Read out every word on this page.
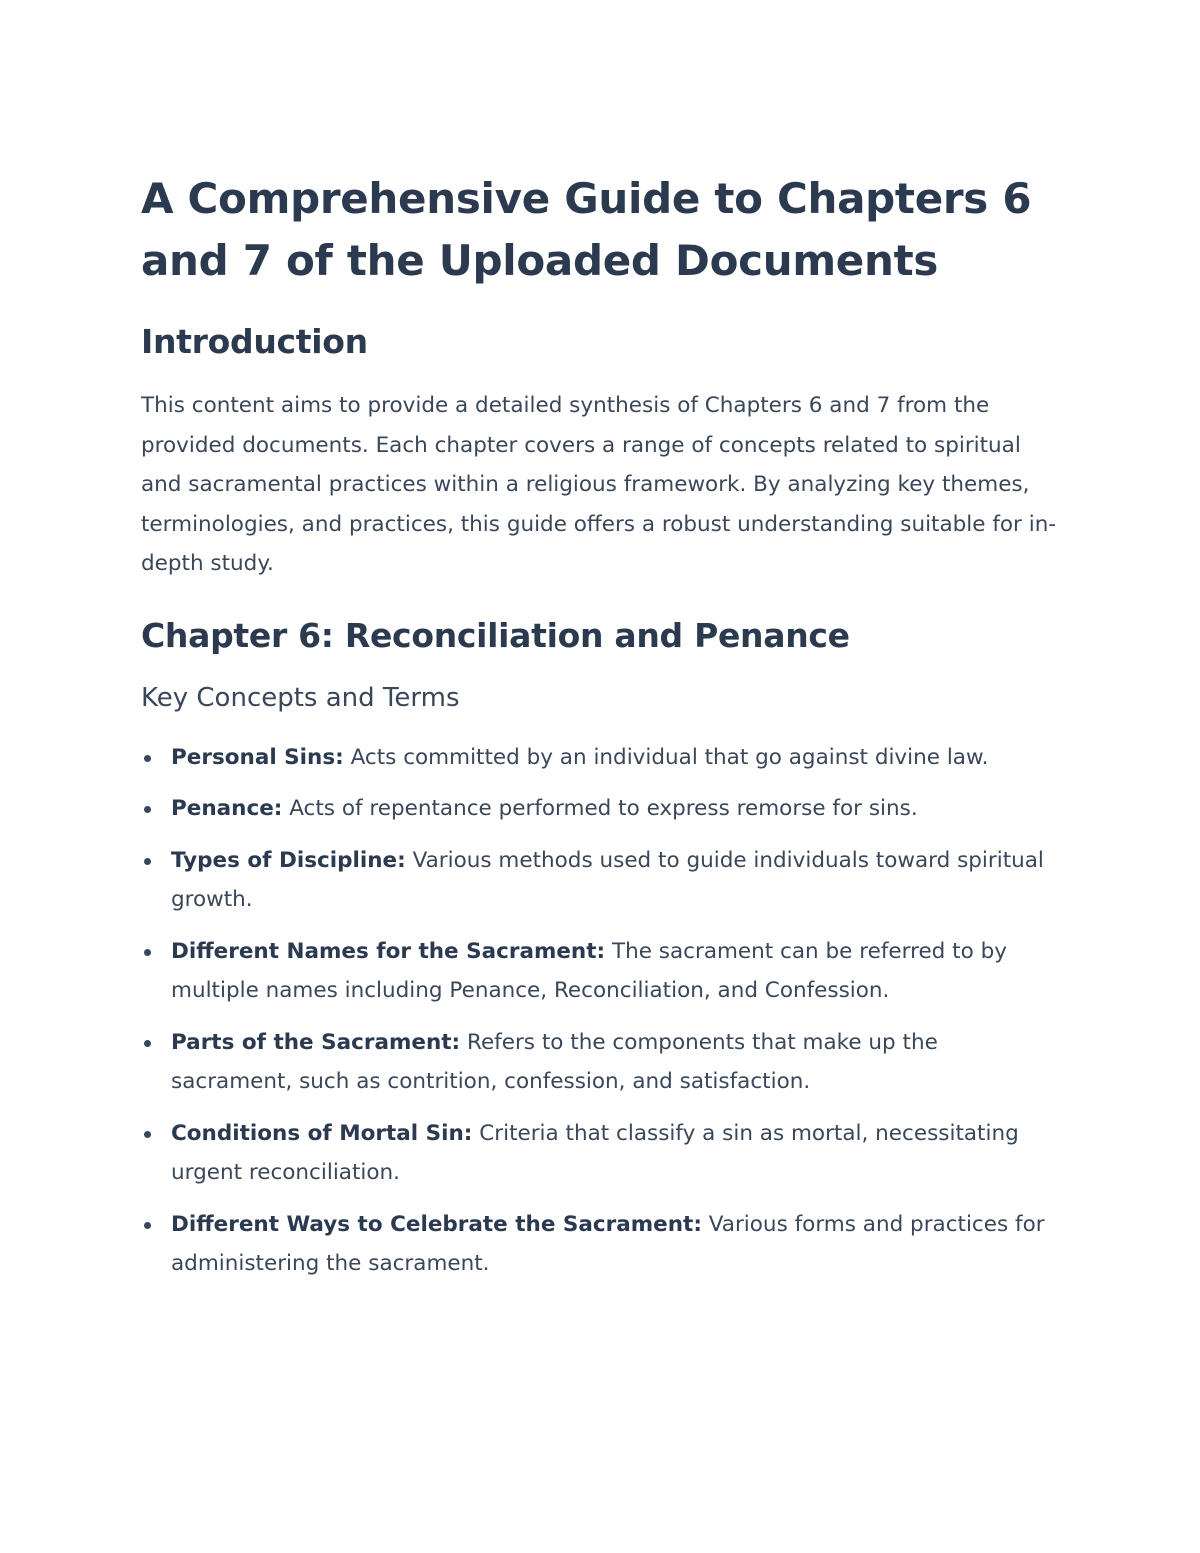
A Comprehensive Guide to Chapters 6
and 7 of the Uploaded Documents
Introduction

This content aims to provide a detailed synthesis of Chapters 6 and 7 from the provided documents. Each chapter covers a range of concepts related to spiritual and sacramental practices within a religious framework. By analyzing key themes, terminologies, and practices, this guide offers a robust understanding suitable for in-depth study.

Chapter 6: Reconciliation and Penance
Key Concepts and Terms
Personal Sins: Acts committed by an individual that go against divine law.
Penance: Acts of repentance performed to express remorse for sins.
Types of Discipline: Various methods used to guide individuals toward spiritual growth.
Different Names for the Sacrament: The sacrament can be referred to by multiple names including Penance, Reconciliation, and Confession.
Parts of the Sacrament: Refers to the components that make up the sacrament, such as contrition, confession, and satisfaction.
Conditions of Mortal Sin: Criteria that classify a sin as mortal, necessitating urgent reconciliation.
Different Ways to Celebrate the Sacrament: Various forms and practices for administering the sacrament.
